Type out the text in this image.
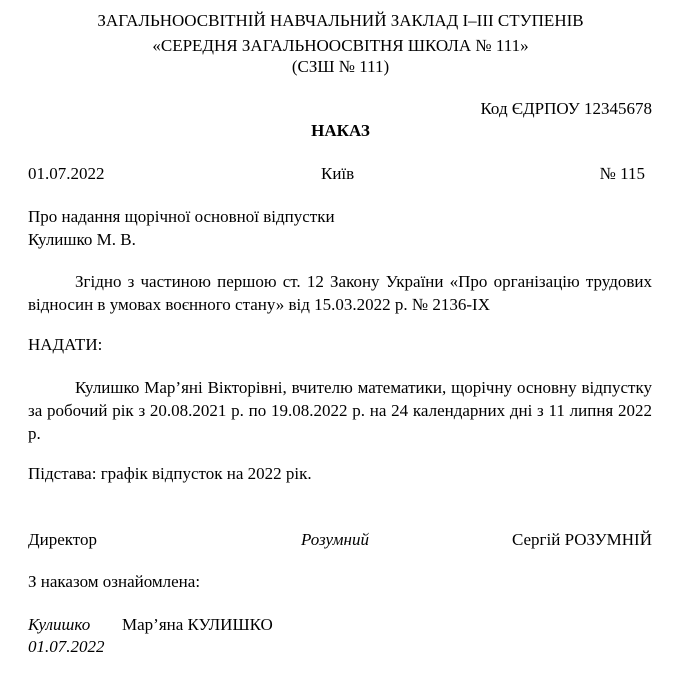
ЗАГАЛЬНООСВІТНІЙ НАВЧАЛЬНИЙ ЗАКЛАД І–ІІІ СТУПЕНІВ
«СЕРЕДНЯ ЗАГАЛЬНООСВІТНЯ ШКОЛА № 111»
(СЗШ № 111)
Код ЄДРПОУ 12345678
НАКАЗ
01.07.2022	Київ	№ 115
Про надання щорічної основної відпустки
Кулишко М. В.
Згідно з частиною першою ст. 12 Закону України «Про організацію трудових відносин в умовах воєнного стану» від 15.03.2022 р. № 2136-ІХ
НАДАТИ:
Кулишко Мар’яні Вікторівні, вчителю математики, щорічну основну відпустку за робочий рік з 20.08.2021 р. по 19.08.2022 р. на 24 календарних дні з 11 липня 2022 р.
Підстава: графік відпусток на 2022 рік.
Директор	Розумний	Сергій РОЗУМНІЙ
З наказом ознайомлена:
Кулишко Мар’яна КУЛИШКО
01.07.2022
